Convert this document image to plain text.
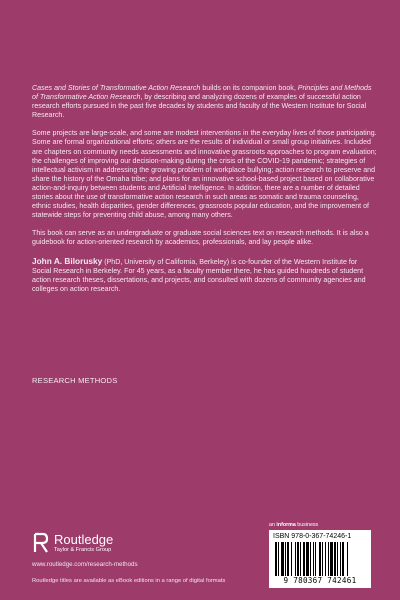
Cases and Stories of Transformative Action Research builds on its companion book, Principles and Methods of Transformative Action Research, by describing and analyzing dozens of examples of successful action research efforts pursued in the past five decades by students and faculty of the Western Institute for Social Research.

Some projects are large-scale, and some are modest interventions in the everyday lives of those participating. Some are formal organizational efforts; others are the results of individual or small group initiatives. Included are chapters on community needs assessments and innovative grassroots approaches to program evaluation; the challenges of improving our decision-making during the crisis of the COVID-19 pandemic; strategies of intellectual activism in addressing the growing problem of workplace bullying; action research to preserve and share the history of the Omaha tribe; and plans for an innovative school-based project based on collaborative action-and-inquiry between students and Artificial Intelligence. In addition, there are a number of detailed stories about the use of transformative action research in such areas as somatic and trauma counseling, ethnic studies, health disparities, gender differences, grassroots popular education, and the improvement of statewide steps for preventing child abuse, among many others.

This book can serve as an undergraduate or graduate social sciences text on research methods. It is also a guidebook for action-oriented research by academics, professionals, and lay people alike.

John A. Bilorusky (PhD, University of California, Berkeley) is co-founder of the Western Institute for Social Research in Berkeley. For 45 years, as a faculty member there, he has guided hundreds of student action research theses, dissertations, and projects, and consulted with dozens of community agencies and colleges on action research.

RESEARCH METHODS
Routledge
Taylor & Francis Group
www.routledge.com/research-methods
Routledge titles are available as eBook editions in a range of digital formats
an informa business
ISBN 978-0-367-74246-1
9 780367 742461
